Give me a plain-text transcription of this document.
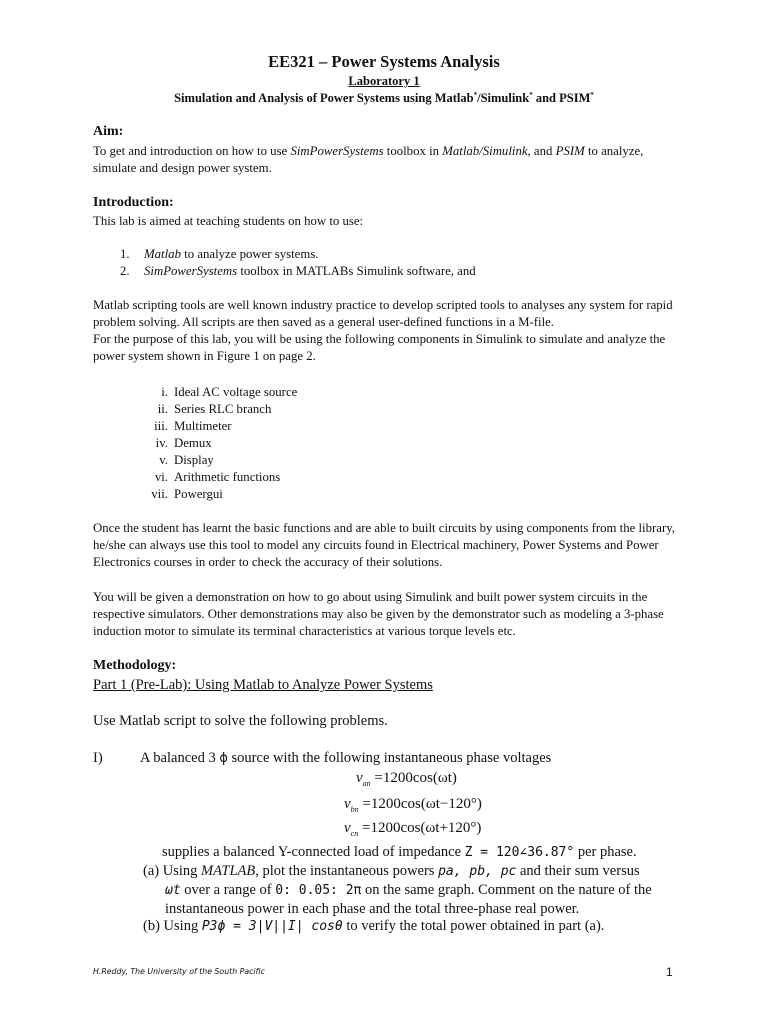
EE321 – Power Systems Analysis
Laboratory 1
Simulation and Analysis of Power Systems using Matlab*/Simulink* and PSIM*
Aim:
To get and introduction on how to use SimPowerSystems toolbox in Matlab/Simulink, and PSIM to analyze,
simulate and design power system.
Introduction:
This lab is aimed at teaching students on how to use:
1. Matlab to analyze power systems.
2. SimPowerSystems toolbox in MATLABs Simulink software, and
Matlab scripting tools are well known industry practice to develop scripted tools to analyses any system for rapid problem solving. All scripts are then saved as a general user-defined functions in a M-file.
For the purpose of this lab, you will be using the following components in Simulink to simulate and analyze the power system shown in Figure 1 on page 2.
i. Ideal AC voltage source
ii. Series RLC branch
iii. Multimeter
iv. Demux
v. Display
vi. Arithmetic functions
vii. Powergui
Once the student has learnt the basic functions and are able to built circuits by using components from the library, he/she can always use this tool to model any circuits found in Electrical machinery, Power Systems and Power Electronics courses in order to check the accuracy of their solutions.
You will be given a demonstration on how to go about using Simulink and built power system circuits in the respective simulators. Other demonstrations may also be given by the demonstrator such as modeling a 3-phase induction motor to simulate its terminal characteristics at various torque levels etc.
Methodology:
Part 1 (Pre-Lab): Using Matlab to Analyze Power Systems
Use Matlab script to solve the following problems.
I)	A balanced 3 ϕ source with the following instantaneous phase voltages
$v_{an} =1200\cos(\omega t)$
$v_{bn} =1200\cos(\omega t-120^\circ)$
$v_{cn} =1200\cos(\omega t+120^\circ)$
supplies a balanced Y-connected load of impedance Z = 120∠36.87° per phase.
(a) Using MATLAB, plot the instantaneous powers pa, pb, pc and their sum versus
ωt over a range of 0: 0.05: 2π on the same graph. Comment on the nature of the
instantaneous power in each phase and the total three-phase real power.
(b) Using P3ϕ = 3|V||I| cosθ to verify the total power obtained in part (a).
H.Reddy, The University of the South Pacific	1
